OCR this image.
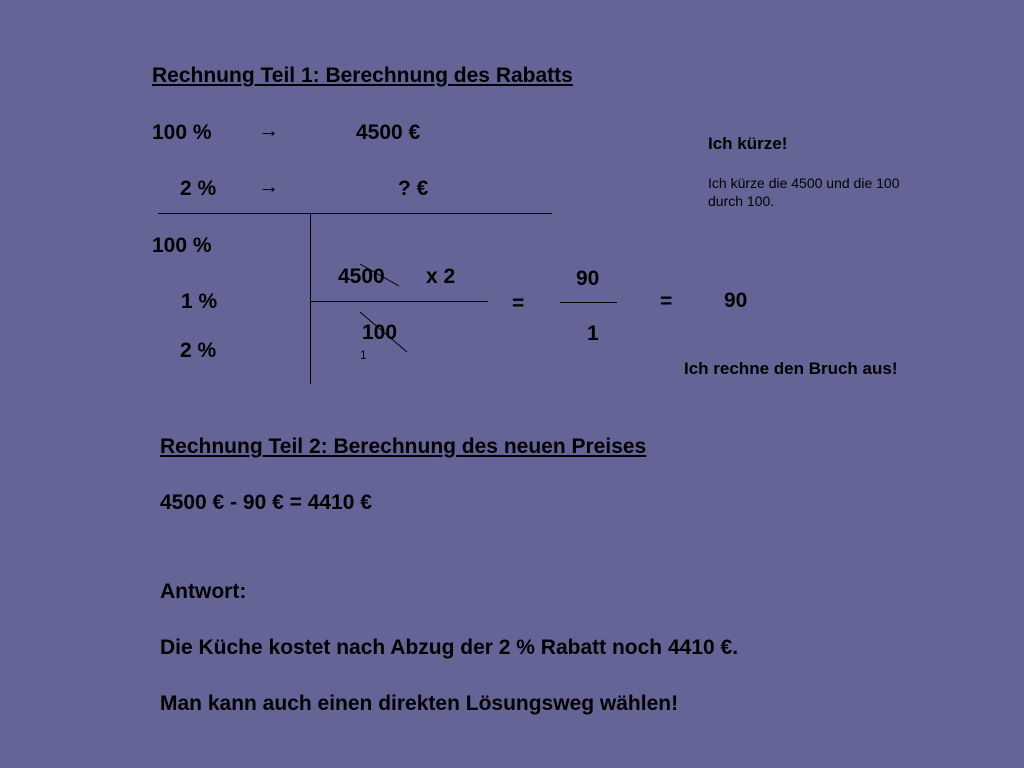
Rechnung Teil 1: Berechnung des Rabatts
100 % →	4500 €
2 % →	? €
100 %
1 %
2 %
4500 x 2
100
1
=
90
1
= 90
Ich kürze!
Ich kürze die 4500 und die 100 durch 100.
Ich rechne den Bruch aus!
Rechnung Teil 2: Berechnung des neuen Preises
4500 € - 90 € = 4410 €
Antwort:
Die Küche kostet nach Abzug der 2 % Rabatt noch 4410 €.
Man kann auch einen direkten Lösungsweg wählen!
